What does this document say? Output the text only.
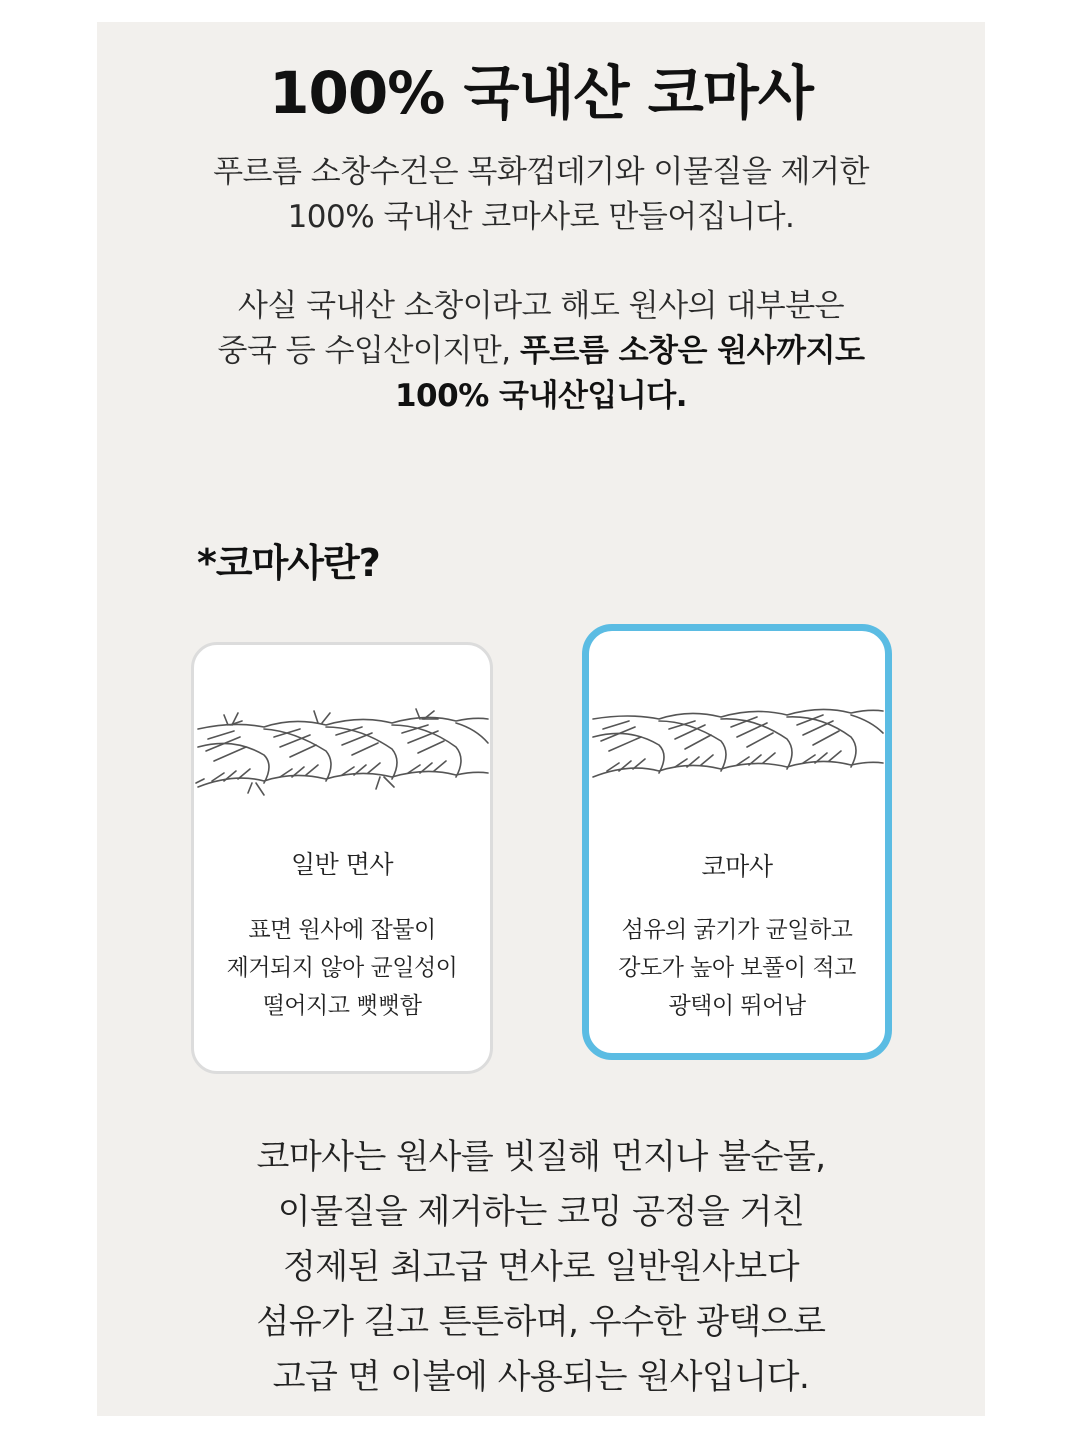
100% 국내산 코마사
푸르름 소창수건은 목화껍데기와 이물질을 제거한
100% 국내산 코마사로 만들어집니다.
사실 국내산 소창이라고 해도 원사의 대부분은
중국 등 수입산이지만, 푸르름 소창은 원사까지도
100% 국내산입니다.
*코마사란?
일반 면사
표면 원사에 잡물이
제거되지 않아 균일성이
떨어지고 뻣뻣함
코마사
섬유의 굵기가 균일하고
강도가 높아 보풀이 적고
광택이 뛰어남
코마사는 원사를 빗질해 먼지나 불순물,
이물질을 제거하는 코밍 공정을 거친
정제된 최고급 면사로 일반원사보다
섬유가 길고 튼튼하며, 우수한 광택으로
고급 면 이불에 사용되는 원사입니다.
